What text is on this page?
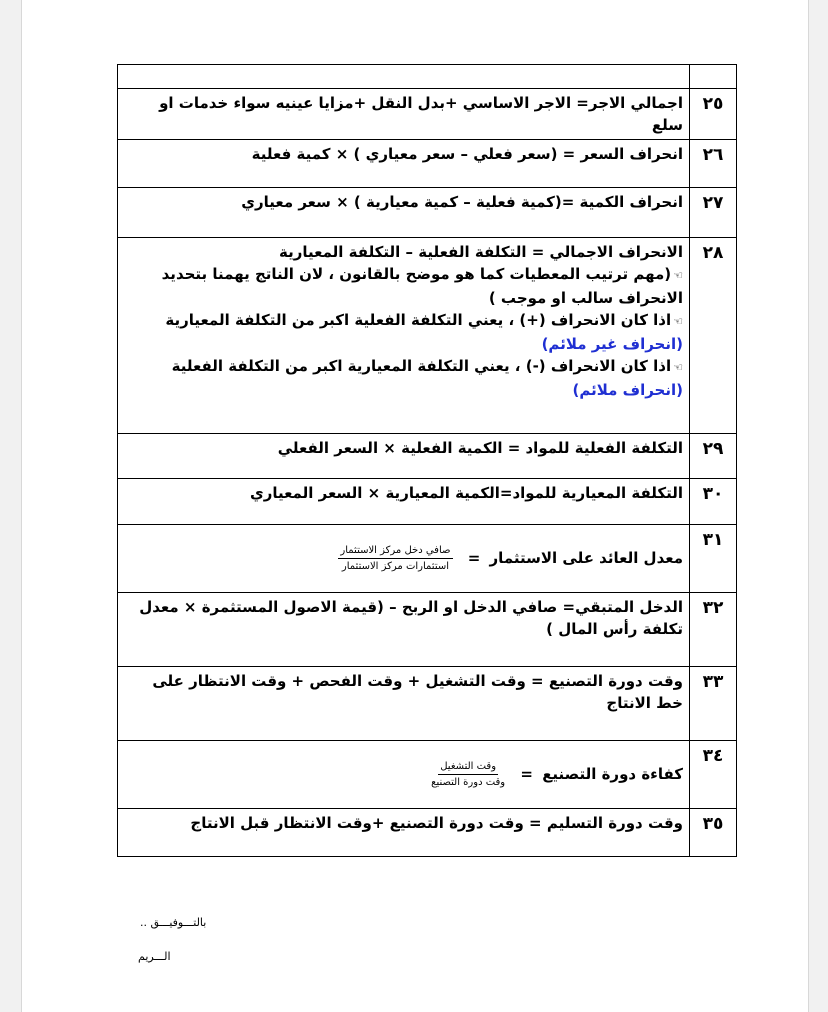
٢٥	اجمالي الاجر= الاجر الاساسي +بدل النقل +مزايا عينيه سواء خدمات او سلع
٢٦	انحراف السعر = (سعر فعلي – سعر معياري ) × كمية فعلية
٢٧	انحراف الكمية =(كمية فعلية – كمية معيارية ) × سعر معياري
٢٨	الانحراف الاجمالي = التكلفة الفعلية – التكلفة المعيارية
☜(مهم ترتيب المعطيات كما هو موضح بالقانون ، لان الناتج يهمنا بتحديد الانحراف سالب او موجب )
☜اذا كان الانحراف (+) ، يعني التكلفة الفعلية اكبر من التكلفة المعيارية (انحراف غير ملائم)
☜اذا كان الانحراف (-) ، يعني التكلفة المعيارية اكبر من التكلفة الفعلية (انحراف ملائم)

٢٩	التكلفة الفعلية للمواد = الكمية الفعلية × السعر الفعلي
٣٠	التكلفة المعيارية للمواد=الكمية المعيارية × السعر المعياري
٣١	معدل العائد على الاستثمار =
$\frac{\text{صافي دخل مركز الاستثمار}}{\text{استثمارات مركز الاستثمار}}$

٣٢	الدخل المتبقي= صافي الدخل او الربح – (قيمة الاصول المستثمرة × معدل تكلفة رأس المال )
٣٣	وقت دورة التصنيع = وقت التشغيل + وقت الفحص + وقت الانتظار على خط الانتاج
٣٤	كفاءة دورة التصنيع =
$\frac{\text{وقت التشغيل}}{\text{وقت دورة التصنيع}}$

٣٥	وقت دورة التسليم = وقت دورة التصنيع +وقت الانتظار قبل الانتاج
بالتـــوفيـــق ..
الـــريم
